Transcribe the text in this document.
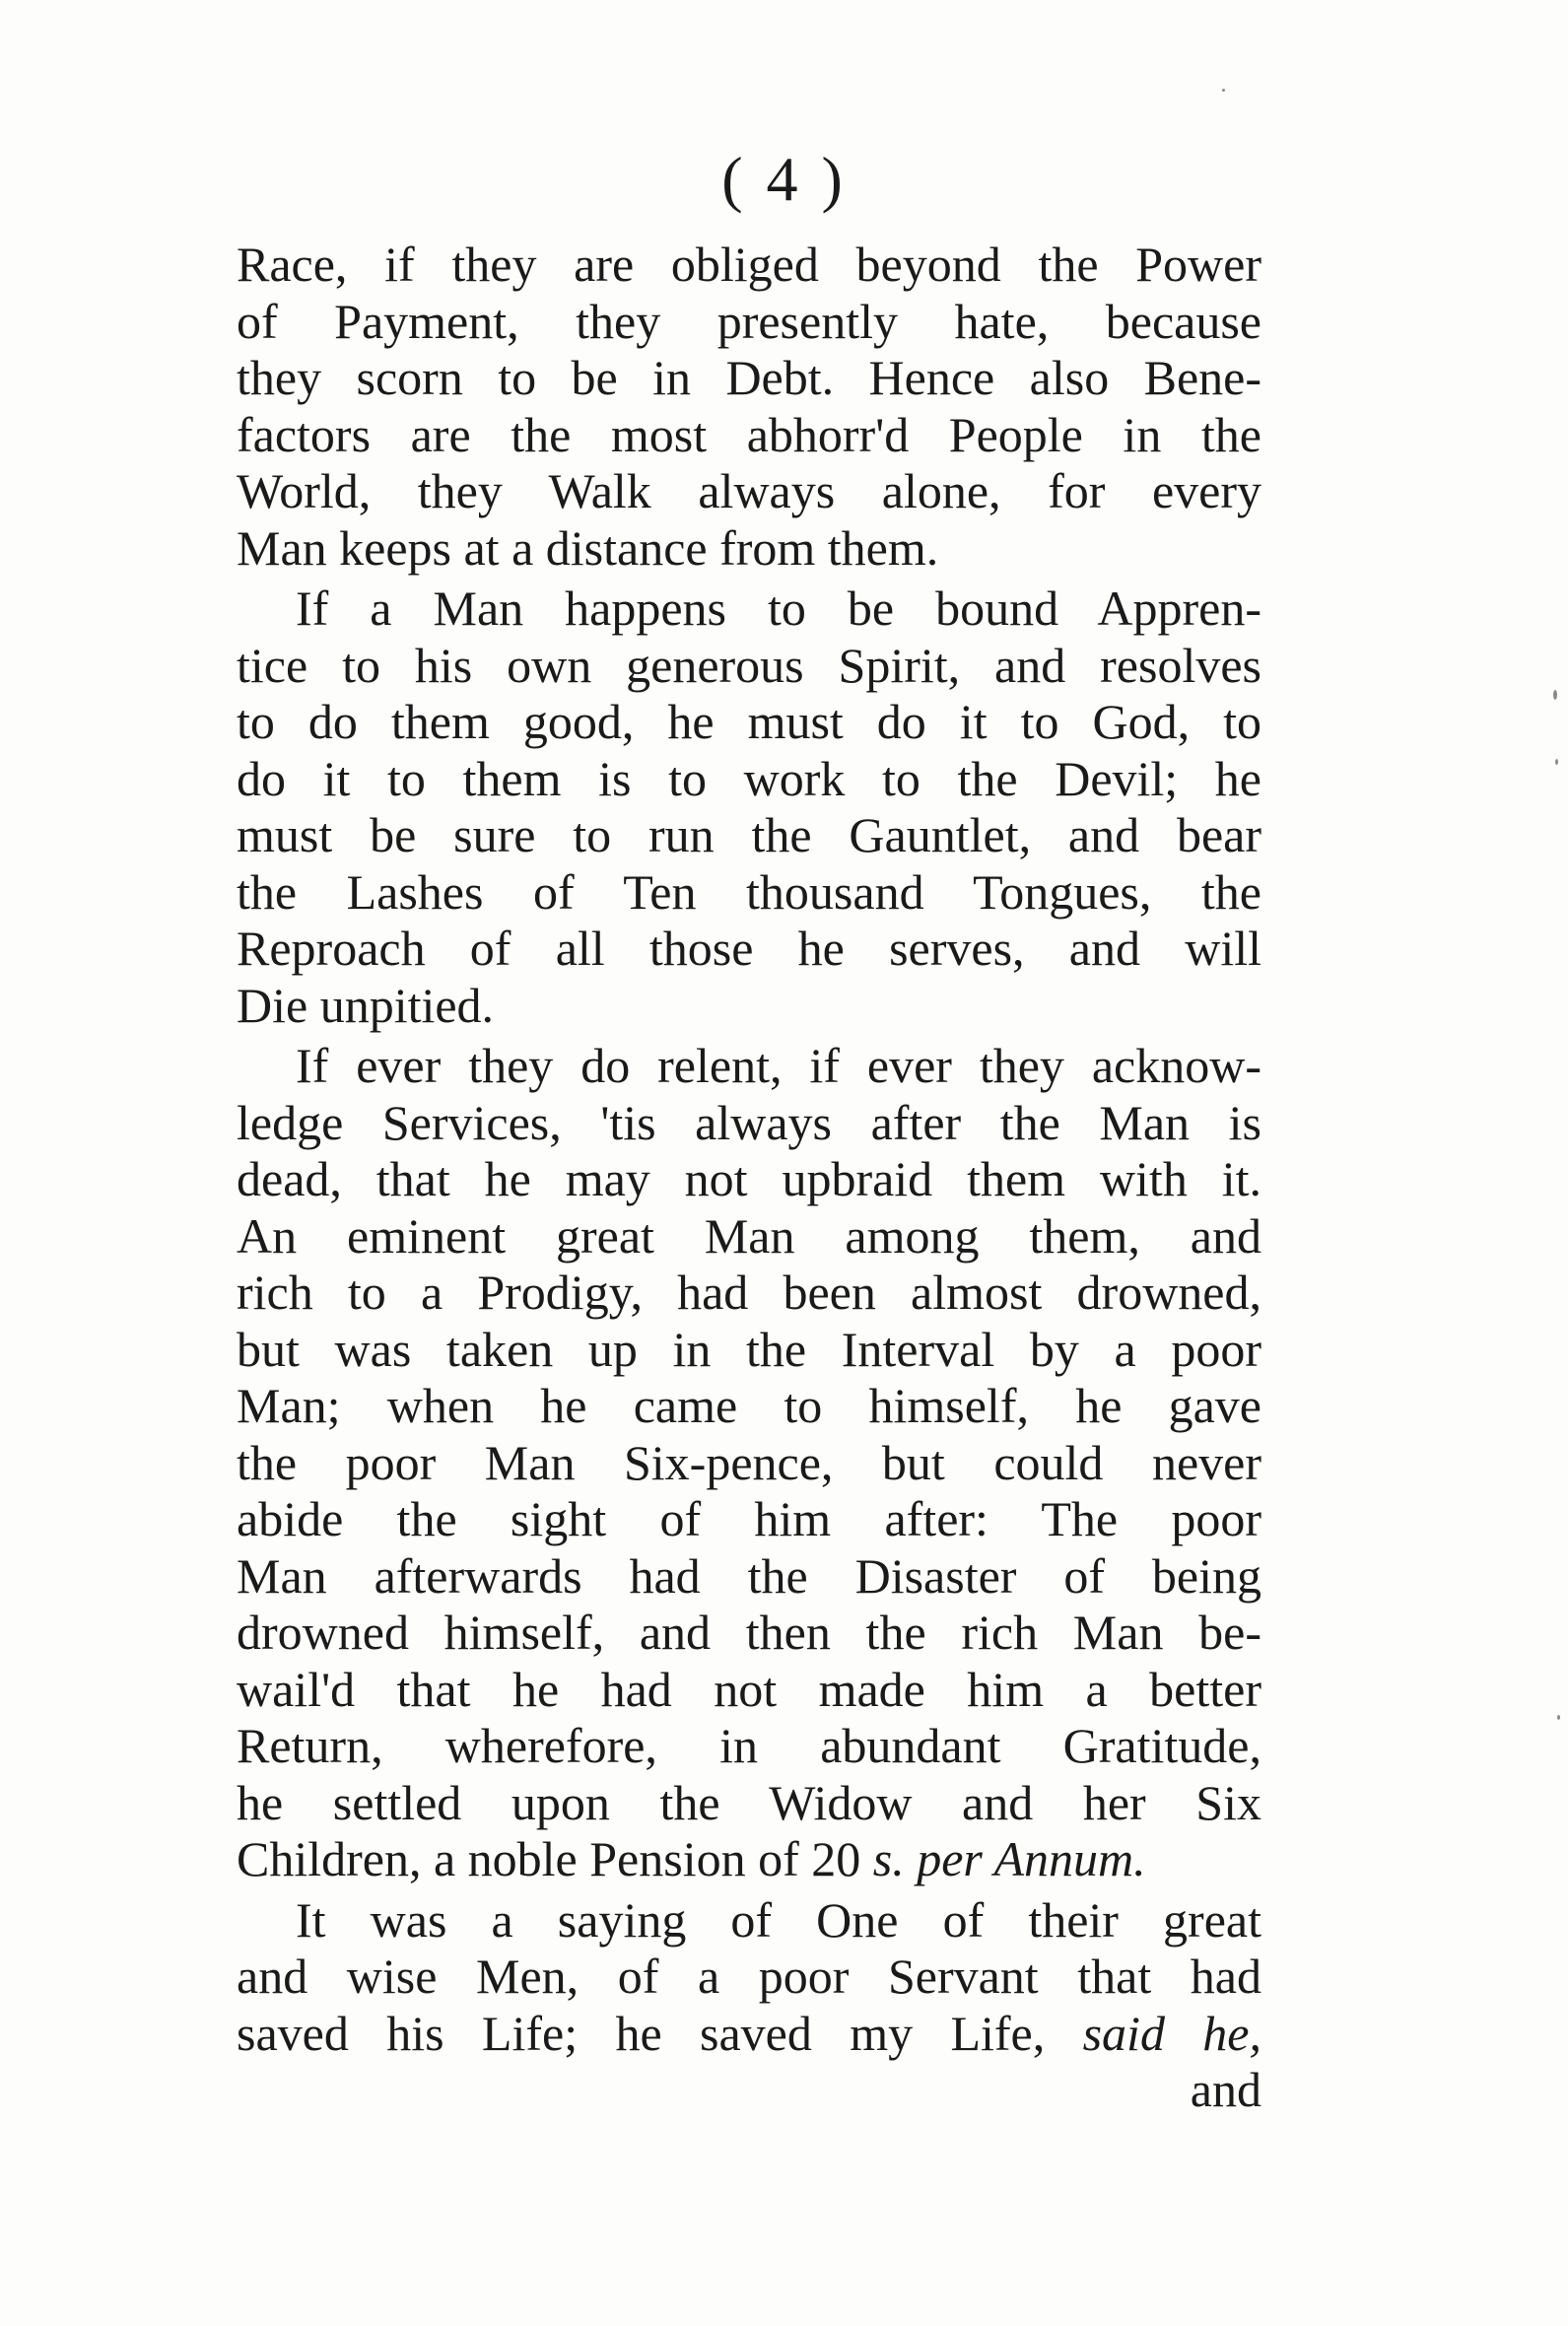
( 4 )
Race, if they are obliged beyond the Power
of Payment, they presently hate, because
they scorn to be in Debt. Hence also Bene-
factors are the most abhorr'd People in the
World, they Walk always alone, for every
Man keeps at a distance from them.
If a Man happens to be bound Appren-
tice to his own generous Spirit, and resolves
to do them good, he must do it to God, to
do it to them is to work to the Devil; he
must be sure to run the Gauntlet, and bear
the Lashes of Ten thousand Tongues, the
Reproach of all those he serves, and will
Die unpitied.
If ever they do relent, if ever they acknow-
ledge Services, 'tis always after the Man is
dead, that he may not upbraid them with it.
An eminent great Man among them, and
rich to a Prodigy, had been almost drowned,
but was taken up in the Interval by a poor
Man; when he came to himself, he gave
the poor Man Six-pence, but could never
abide the sight of him after: The poor
Man afterwards had the Disaster of being
drowned himself, and then the rich Man be-
wail'd that he had not made him a better
Return, wherefore, in abundant Gratitude,
he settled upon the Widow and her Six
Children, a noble Pension of 20 s. per Annum.
It was a saying of One of their great
and wise Men, of a poor Servant that had
saved his Life; he saved my Life, said he,
and
